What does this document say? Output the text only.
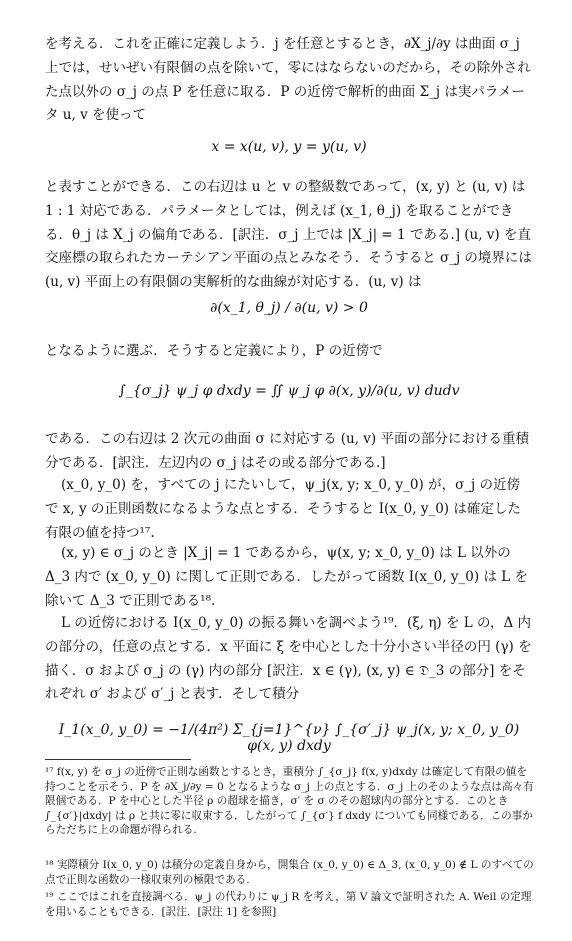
を考える．これを正確に定義しよう．j を任意とするとき，∂X_j/∂y は曲面 σ_j 上では，せいぜい有限個の点を除いて，零にはならないのだから，その除外された点以外の σ_j の点 P を任意に取る．P の近傍で解析的曲面 Σ_j は実パラメータ u, v を使って

x = x(u, v), y = y(u, v)

と表すことができる．この右辺は u と v の整級数であって，(x, y) と (u, v) は 1 : 1 対応である．パラメータとしては，例えば (x_1, θ_j) を取ることができる．θ_j は X_j の偏角である．[訳注．σ_j 上では |X_j| = 1 である.] (u, v) を直交座標の取られたカーテシアン平面の点とみなそう．そうすると σ_j の境界には (u, v) 平面上の有限個の実解析的な曲線が対応する．(u, v) は

∂(x_1, θ_j) / ∂(u, v) > 0

となるように選ぶ．そうすると定義により，P の近傍で

∫_{σ_j} ψ_j φ dxdy = ∬ ψ_j φ ∂(x, y)/∂(u, v) dudv

である．この右辺は 2 次元の曲面 σ に対応する (u, v) 平面の部分における重積分である．[訳注．左辺内の σ_j はその或る部分である.]

(x_0, y_0) を，すべての j にたいして，ψ_j(x, y; x_0, y_0) が，σ_j の近傍で x, y の正則函数になるような点とする．そうすると I(x_0, y_0) は確定した有限の値を持つ¹⁷.

(x, y) ∈ σ_j のとき |X_j| = 1 であるから，ψ(x, y; x_0, y_0) は L 以外の Δ_3 内で (x_0, y_0) に関して正則である．したがって函数 I(x_0, y_0) は L を除いて Δ_3 で正則である¹⁸.

L の近傍における I(x_0, y_0) の振る舞いを調べよう¹⁹．(ξ, η) を L の，Δ 内の部分の，任意の点とする．x 平面に ξ を中心とした十分小さい半径の円 (γ) を描く．σ および σ_j の (γ) 内の部分 [訳注．x ∈ (γ), (x, y) ∈ 𝔇_3 の部分] をそれぞれ σ′ および σ′_j と表す．そして積分

I_1(x_0, y_0) = −1/(4π²) Σ_{j=1}^{ν} ∫_{σ′_j} ψ_j(x, y; x_0, y_0) φ(x, y) dxdy

¹⁷ f(x, y) を σ_j の近傍で正則な函数とするとき，重積分 ∫_{σ_j} f(x, y)dxdy は確定して有限の値を持つことを示そう．P を ∂X_j/∂y = 0 となるような σ_j 上の点とする．σ_j 上のそのような点は高々有限個である．P を中心とした半径 ρ の超球を描き，σ′ を σ のその超球内の部分とする．このとき ∫_{σ′}|dxdy| は ρ と共に零に収束する．したがって ∫_{σ′} f dxdy についても同様である．この事からただちに上の命題が得られる.

¹⁸ 実際積分 I(x_0, y_0) は積分の定義自身から，開集合 (x_0, y_0) ∈ Δ_3, (x_0, y_0) ∉ L のすべての点で正則な函数の一様収束列の極限である.

¹⁹ ここではこれを直接調べる．ψ_j の代わりに ψ_j R を考え，第 V 論文で証明された A. Weil の定理を用いることもできる．[訳注．[訳注 1] を参照]
